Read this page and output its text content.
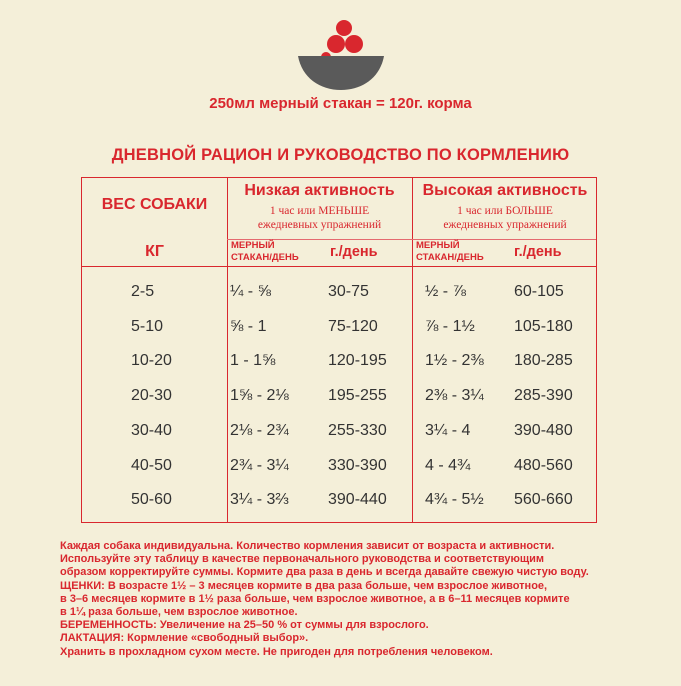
250мл мерный стакан = 120г. корма
ДНЕВНОЙ РАЦИОН И РУКОВОДСТВО ПО КОРМЛЕНИЮ
ВЕС СОБАКИ
КГ
Низкая активность
1 час или МЕНЬШЕ
ежедневных упражнений
МЕРНЫЙ
СТАКАН/ДЕНЬ г./день
Высокая активность
1 час или БОЛЬШЕ
ежедневных упражнений
МЕРНЫЙ
СТАКАН/ДЕНЬ г./день
2-5	¼ - ⅝	30-75	½ - ⅞	60-105
5-10	⅝ - 1	75-120	⅞ - 1½ 105-180
10-20	1 - 1⅝	120-195 1½ - 2⅜ 180-285
20-30	1⅝ - 2⅛ 195-255 2⅜ - 3¼ 285-390
30-40	2⅛ - 2¾ 255-330 3¼ - 4	390-480
40-50	2¾ - 3¼ 330-390 4 - 4¾	480-560
50-60	3¼ - 3⅔ 390-440 4¾ - 5½ 560-660

Каждая собака индивидуальна. Количество кормления зависит от возраста и активности.

Используйте эту таблицу в качестве первоначального руководства и соответствующим

образом корректируйте суммы. Кормите два раза в день и всегда давайте свежую чистую воду.

ЩЕНКИ: В возрасте 1½ – 3 месяцев кормите в два раза больше, чем взрослое животное,

в 3–6 месяцев кормите в 1½ раза больше, чем взрослое животное, а в 6–11 месяцев кормите

в 1¼ раза больше, чем взрослое животное.

БЕРЕМЕННОСТЬ: Увеличение на 25–50 % от суммы для взрослого.

ЛАКТАЦИЯ: Кормление «свободный выбор».

Хранить в прохладном сухом месте. Не пригоден для потребления человеком.
